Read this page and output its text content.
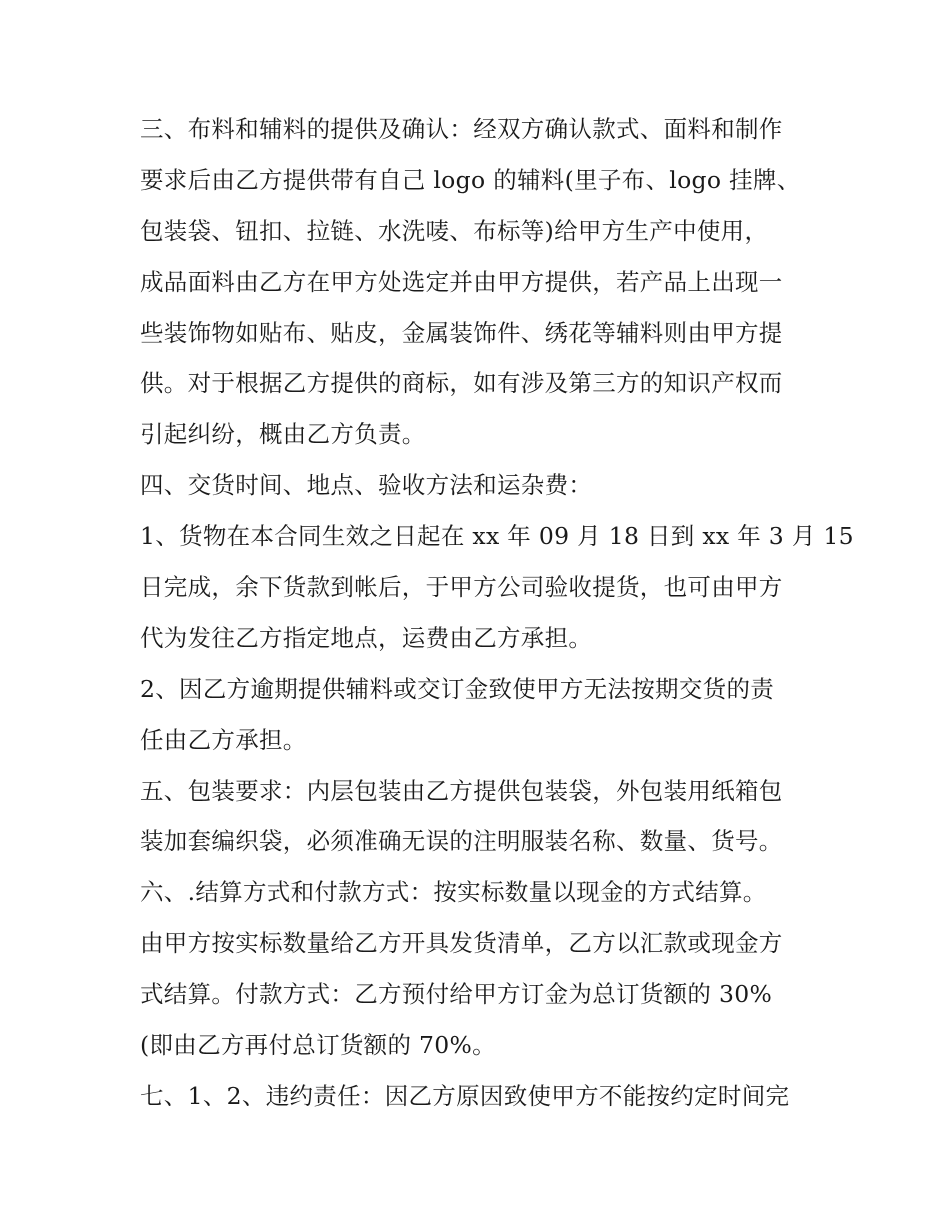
三、布料和辅料的提供及确认：经双方确认款式、面料和制作
要求后由乙方提供带有自己 logo 的辅料(里子布、logo 挂牌、
包装袋、钮扣、拉链、水洗唛、布标等)给甲方生产中使用，
成品面料由乙方在甲方处选定并由甲方提供，若产品上出现一
些装饰物如贴布、贴皮，金属装饰件、绣花等辅料则由甲方提
供。对于根据乙方提供的商标，如有涉及第三方的知识产权而
引起纠纷，概由乙方负责。
四、交货时间、地点、验收方法和运杂费：
1、货物在本合同生效之日起在 xx 年 09 月 18 日到 xx 年 3 月 15
日完成，余下货款到帐后，于甲方公司验收提货，也可由甲方
代为发往乙方指定地点，运费由乙方承担。
2、因乙方逾期提供辅料或交订金致使甲方无法按期交货的责
任由乙方承担。
五、包装要求：内层包装由乙方提供包装袋，外包装用纸箱包
装加套编织袋，必须准确无误的注明服装名称、数量、货号。
六、.结算方式和付款方式：按实标数量以现金的方式结算。
由甲方按实标数量给乙方开具发货清单，乙方以汇款或现金方
式结算。付款方式：乙方预付给甲方订金为总订货额的 30%
(即由乙方再付总订货额的 70%。
七、1、2、违约责任：因乙方原因致使甲方不能按约定时间完
